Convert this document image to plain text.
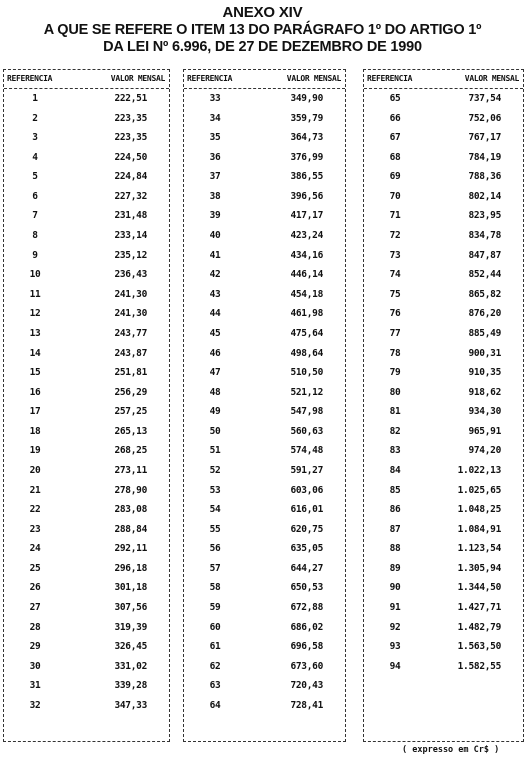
ANEXO XIV
A QUE SE REFERE O ITEM 13 DO PARÁGRAFO 1º DO ARTIGO 1º
DA LEI Nº 6.996, DE 27 DE DEZEMBRO DE 1990
REFERENCIA	VALOR MENSAL
1	222,51
2	223,35
3	223,35
4	224,50
5	224,84
6	227,32
7	231,48
8	233,14
9	235,12
10	236,43
11	241,30
12	241,30
13	243,77
14	243,87
15	251,81
16	256,29
17	257,25
18	265,13
19	268,25
20	273,11
21	278,90
22	283,08
23	288,84
24	292,11
25	296,18
26	301,18
27	307,56
28	319,39
29	326,45
30	331,02
31	339,28
32	347,33
REFERENCIA	VALOR MENSAL
33	349,90
34	359,79
35	364,73
36	376,99
37	386,55
38	396,56
39	417,17
40	423,24
41	434,16
42	446,14
43	454,18
44	461,98
45	475,64
46	498,64
47	510,50
48	521,12
49	547,98
50	560,63
51	574,48
52	591,27
53	603,06
54	616,01
55	620,75
56	635,05
57	644,27
58	650,53
59	672,88
60	686,02
61	696,58
62	673,60
63	720,43
64	728,41
REFERENCIA	VALOR MENSAL
65	737,54
66	752,06
67	767,17
68	784,19
69	788,36
70	802,14
71	823,95
72	834,78
73	847,87
74	852,44
75	865,82
76	876,20
77	885,49
78	900,31
79	910,35
80	918,62
81	934,30
82	965,91
83	974,20
84	1.022,13
85	1.025,65
86	1.048,25
87	1.084,91
88	1.123,54
89	1.305,94
90	1.344,50
91	1.427,71
92	1.482,79
93	1.563,50
94	1.582,55
( expresso em Cr$ )
